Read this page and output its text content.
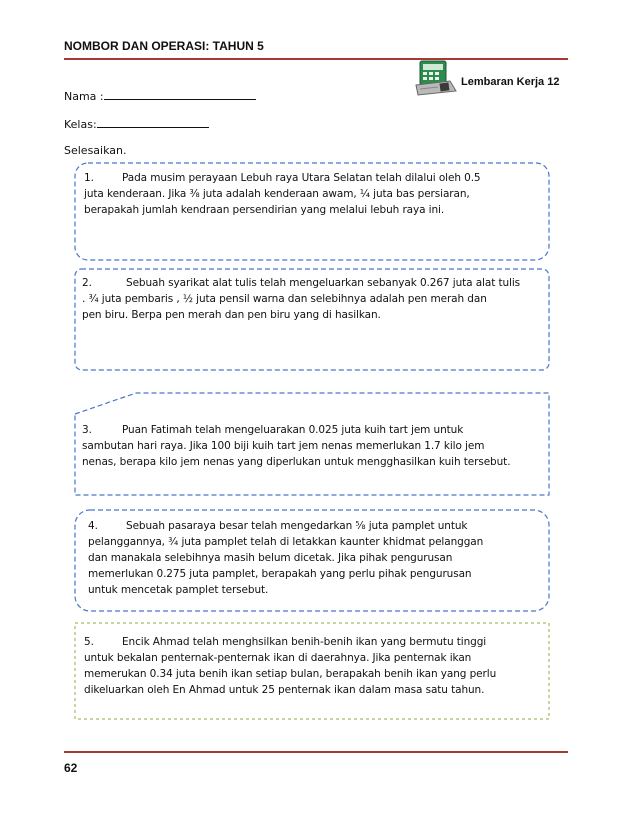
NOMBOR DAN OPERASI: TAHUN 5
Lembaran Kerja 12
Nama :
Kelas:
Selesaikan.
1.	Pada musim perayaan Lebuh raya Utara Selatan telah dilalui oleh 0.5
juta kenderaan. Jika ⅜ juta adalah kenderaan awam, ¼ juta bas persiaran,
berapakah jumlah kendraan persendirian yang melalui lebuh raya ini.
2.	Sebuah syarikat alat tulis telah mengeluarkan sebanyak 0.267 juta alat tulis
. ¾ juta pembaris , ½ juta pensil warna dan selebihnya adalah pen merah dan
pen biru. Berpa pen merah dan pen biru yang di hasilkan.
3.	Puan Fatimah telah mengeluarakan 0.025 juta kuih tart jem untuk
sambutan hari raya. Jika 100 biji kuih tart jem nenas memerlukan 1.7 kilo jem
nenas, berapa kilo jem nenas yang diperlukan untuk mengghasilkan kuih tersebut.
4.	Sebuah pasaraya besar telah mengedarkan ⅝ juta pamplet untuk
pelanggannya, ¾ juta pamplet telah di letakkan kaunter khidmat pelanggan
dan manakala selebihnya masih belum dicetak. Jika pihak pengurusan
memerlukan 0.275 juta pamplet, berapakah yang perlu pihak pengurusan
untuk mencetak pamplet tersebut.
5.	Encik Ahmad telah menghsilkan benih-benih ikan yang bermutu tinggi
untuk bekalan penternak-penternak ikan di daerahnya. Jika penternak ikan
memerukan 0.34 juta benih ikan setiap bulan, berapakah benih ikan yang perlu
dikeluarkan oleh En Ahmad untuk 25 penternak ikan dalam masa satu tahun.
62
